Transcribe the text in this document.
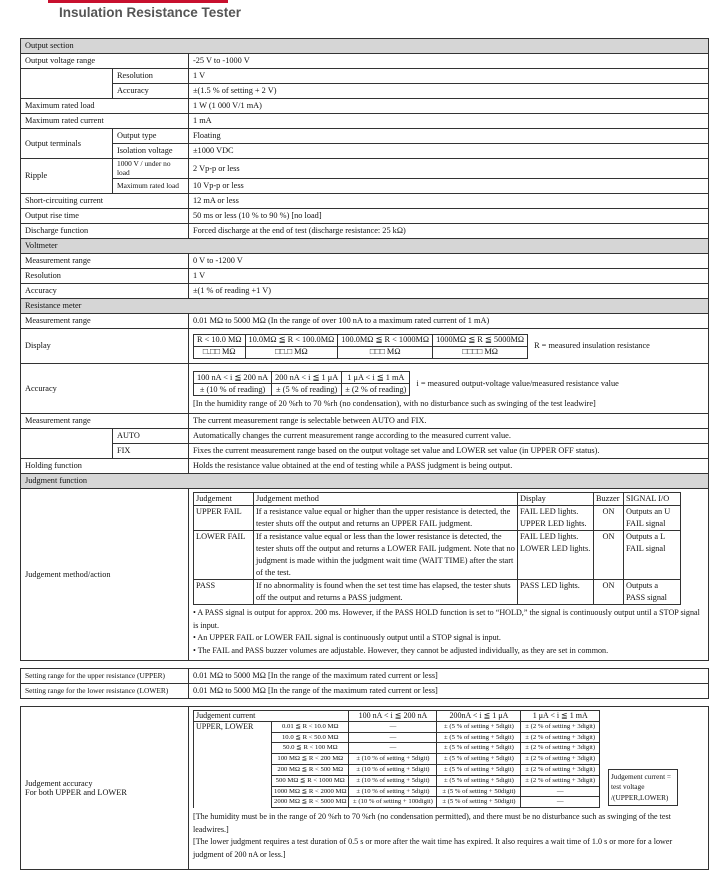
Insulation Resistance Tester
Output section
Output voltage range	-25 V to -1000 V
	Resolution	1 V
Accuracy	±(1.5 % of setting + 2 V)
Maximum rated load	1 W (1 000 V/1 mA)
Maximum rated current	1 mA
Output terminals	Output type	Floating
Isolation voltage	±1000 VDC
Ripple	1000 V / under no load	2 Vp-p or less
Maximum rated load	10 Vp-p or less
Short-circuiting current	12 mA or less
Output rise time	50 ms or less (10 % to 90 %) [no load]
Discharge function	Forced discharge at the end of test (discharge resistance: 25 kΩ)
Voltmeter
Measurement range	0 V to -1200 V
Resolution	1 V
Accuracy	±(1 % of reading +1 V)
Resistance meter
Measurement range	0.01 MΩ to 5000 MΩ (In the range of over 100 nA to a maximum rated current of 1 mA)
Display	
R < 10.0 MΩ	10.0MΩ ≦ R < 100.0MΩ	100.0MΩ ≦ R < 1000MΩ	1000MΩ ≦ R ≦ 5000MΩ
□.□□ MΩ	□□.□ MΩ	□□□ MΩ	□□□□ MΩ
R = measured insulation resistance

Accuracy	
100 nA < i ≦ 200 nA	200 nA < i ≦ 1 μA	1 μA < i ≦ 1 mA
± (10 % of reading)	± (5 % of reading)	± (2 % of reading)
i = measured output-voltage value/measured resistance value
[In the humidity range of 20 %rh to 70 %rh (no condensation), with no disturbance such as swinging of the test leadwire]

Measurement range	The current measurement range is selectable between AUTO and FIX.
	AUTO	Automatically changes the current measurement range according to the measured current value.
	FIX	Fixes the current measurement range based on the output voltage set value and LOWER set value (in UPPER OFF status).
Holding function	Holds the resistance value obtained at the end of testing while a PASS judgment is being output.
Judgment function
Judgement method/action	
Judgement	Judgement method	Display	Buzzer	SIGNAL I/O
UPPER FAIL	If a resistance value equal or higher than the upper resistance is detected, the tester shuts off the output and returns an UPPER FAIL judgment.	FAIL LED lights. UPPER LED lights.	ON	Outputs an U FAIL signal
LOWER FAIL	If a resistance value equal or less than the lower resistance is detected, the tester shuts off the output and returns a LOWER FAIL judgment. Note that no judgment is made within the judgment wait time (WAIT TIME) after the start of the test.	FAIL LED lights. LOWER LED lights.	ON	Outputs a L FAIL signal
PASS	If no abnormality is found when the set test time has elapsed, the tester shuts off the output and returns a PASS judgment.	PASS LED lights.	ON	Outputs a PASS signal
• A PASS signal is output for approx. 200 ms. However, if the PASS HOLD function is set to “HOLD,” the signal is continuously output until a STOP signal is input.
• An UPPER FAIL or LOWER FAIL signal is continuously output until a STOP signal is input.
• The FAIL and PASS buzzer volumes are adjustable. However, they cannot be adjusted individually, as they are set in common.

Setting range for the upper resistance (UPPER)	0.01 MΩ to 5000 MΩ [In the range of the maximum rated current or less]
Setting range for the lower resistance (LOWER)	0.01 MΩ to 5000 MΩ [In the range of the maximum rated current or less]

Judgement accuracy
For both UPPER and LOWER

Judgement current	100 nA < i ≦ 200 nA	200nA < i ≦ 1 μA	1 μA < i ≦ 1 mA
UPPER, LOWER	0.01 ≦ R < 10.0 MΩ	—	± (5 % of setting + 5digit)	± (2 % of setting + 3digit)
10.0 ≦ R < 50.0 MΩ	—	± (5 % of setting + 5digit)	± (2 % of setting + 3digit)
50.0 ≦ R < 100 MΩ	—	± (5 % of setting + 5digit)	± (2 % of setting + 3digit)
100 MΩ ≦ R < 200 MΩ	± (10 % of setting + 5digit)	± (5 % of setting + 5digit)	± (2 % of setting + 3digit)
200 MΩ ≦ R < 500 MΩ	± (10 % of setting + 5digit)	± (5 % of setting + 5digit)	± (2 % of setting + 3digit)
500 MΩ ≦ R < 1000 MΩ	± (10 % of setting + 5digit)	± (5 % of setting + 5digit)	± (2 % of setting + 3digit)
1000 MΩ ≦ R < 2000 MΩ	± (10 % of setting + 5digit)	± (5 % of setting + 50digit)	—
2000 MΩ ≦ R < 5000 MΩ	± (10 % of setting + 100digit)	± (5 % of setting + 50digit)	—
Judgement current = test voltage /(UPPER,LOWER)
[The humidity must be in the range of 20 %rh to 70 %rh (no condensation permitted), and there must be no disturbance such as swinging of the test leadwires.]
[The lower judgment requires a test duration of 0.5 s or more after the wait time has expired. It also requires a wait time of 1.0 s or more for a lower judgment of 200 nA or less.]
